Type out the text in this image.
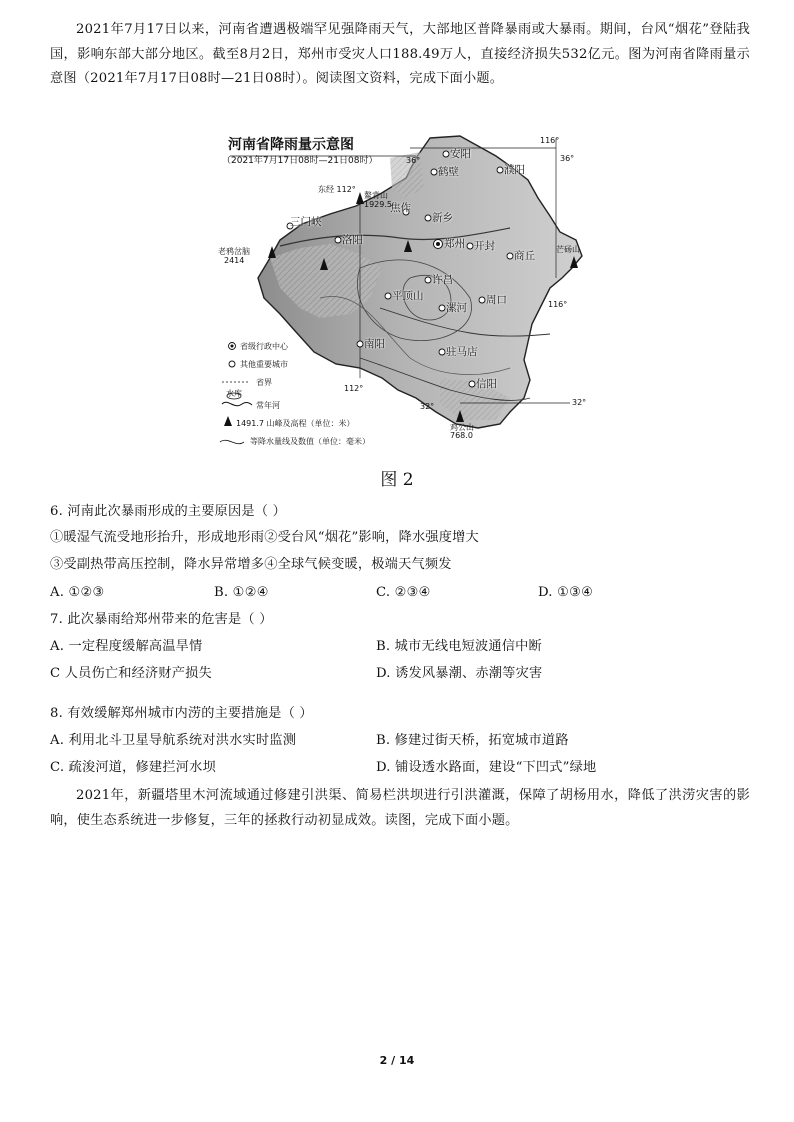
2021年7月17日以来，河南省遭遇极端罕见强降雨天气，大部地区普降暴雨或大暴雨。期间，台风“烟花”登陆我国，影响东部大部分地区。截至8月2日，郑州市受灾人口188.49万人，直接经济损失532亿元。图为河南省降雨量示意图（2021年7月17日08时—21日08时）。阅读图文资料，完成下面小题。
河南省降雨量示意图
（2021年7月17日08时—21日08时）	36°	36°
116°
东经 112°
116°
112°
32°	32°
安阳
鹤壁	濮阳
焦作
新乡
三门峡
洛阳	郑州 开封
商丘
许昌
平顶山
漯河
周口
南阳
驻马店
信阳
鳌背山
1929.5
老鸦岔脑
2414
芒砀山
鸡公山
768.0
省级行政中心
其他重要城市
省界
水库
常年河
1491.7 山峰及高程（单位：米）
等降水量线及数值（单位：毫米）
图 2
6. 河南此次暴雨形成的主要原因是（ ）
①暖湿气流受地形抬升，形成地形雨②受台风“烟花”影响，降水强度增大
③受副热带高压控制，降水异常增多④全球气候变暖，极端天气频发
A. ①②③	B. ①②④	C. ②③④	D. ①③④
7. 此次暴雨给郑州带来的危害是（ ）
A. 一定程度缓解高温旱情	B. 城市无线电短波通信中断
C 人员伤亡和经济财产损失	D. 诱发风暴潮、赤潮等灾害
8. 有效缓解郑州城市内涝的主要措施是（ ）
A. 利用北斗卫星导航系统对洪水实时监测	B. 修建过街天桥，拓宽城市道路
C. 疏浚河道，修建拦河水坝	D. 铺设透水路面，建设“下凹式”绿地
2021年，新疆塔里木河流域通过修建引洪渠、简易栏洪坝进行引洪灌溉，保障了胡杨用水，降低了洪涝灾害的影响，使生态系统进一步修复，三年的拯救行动初显成效。读图，完成下面小题。
2 / 14
